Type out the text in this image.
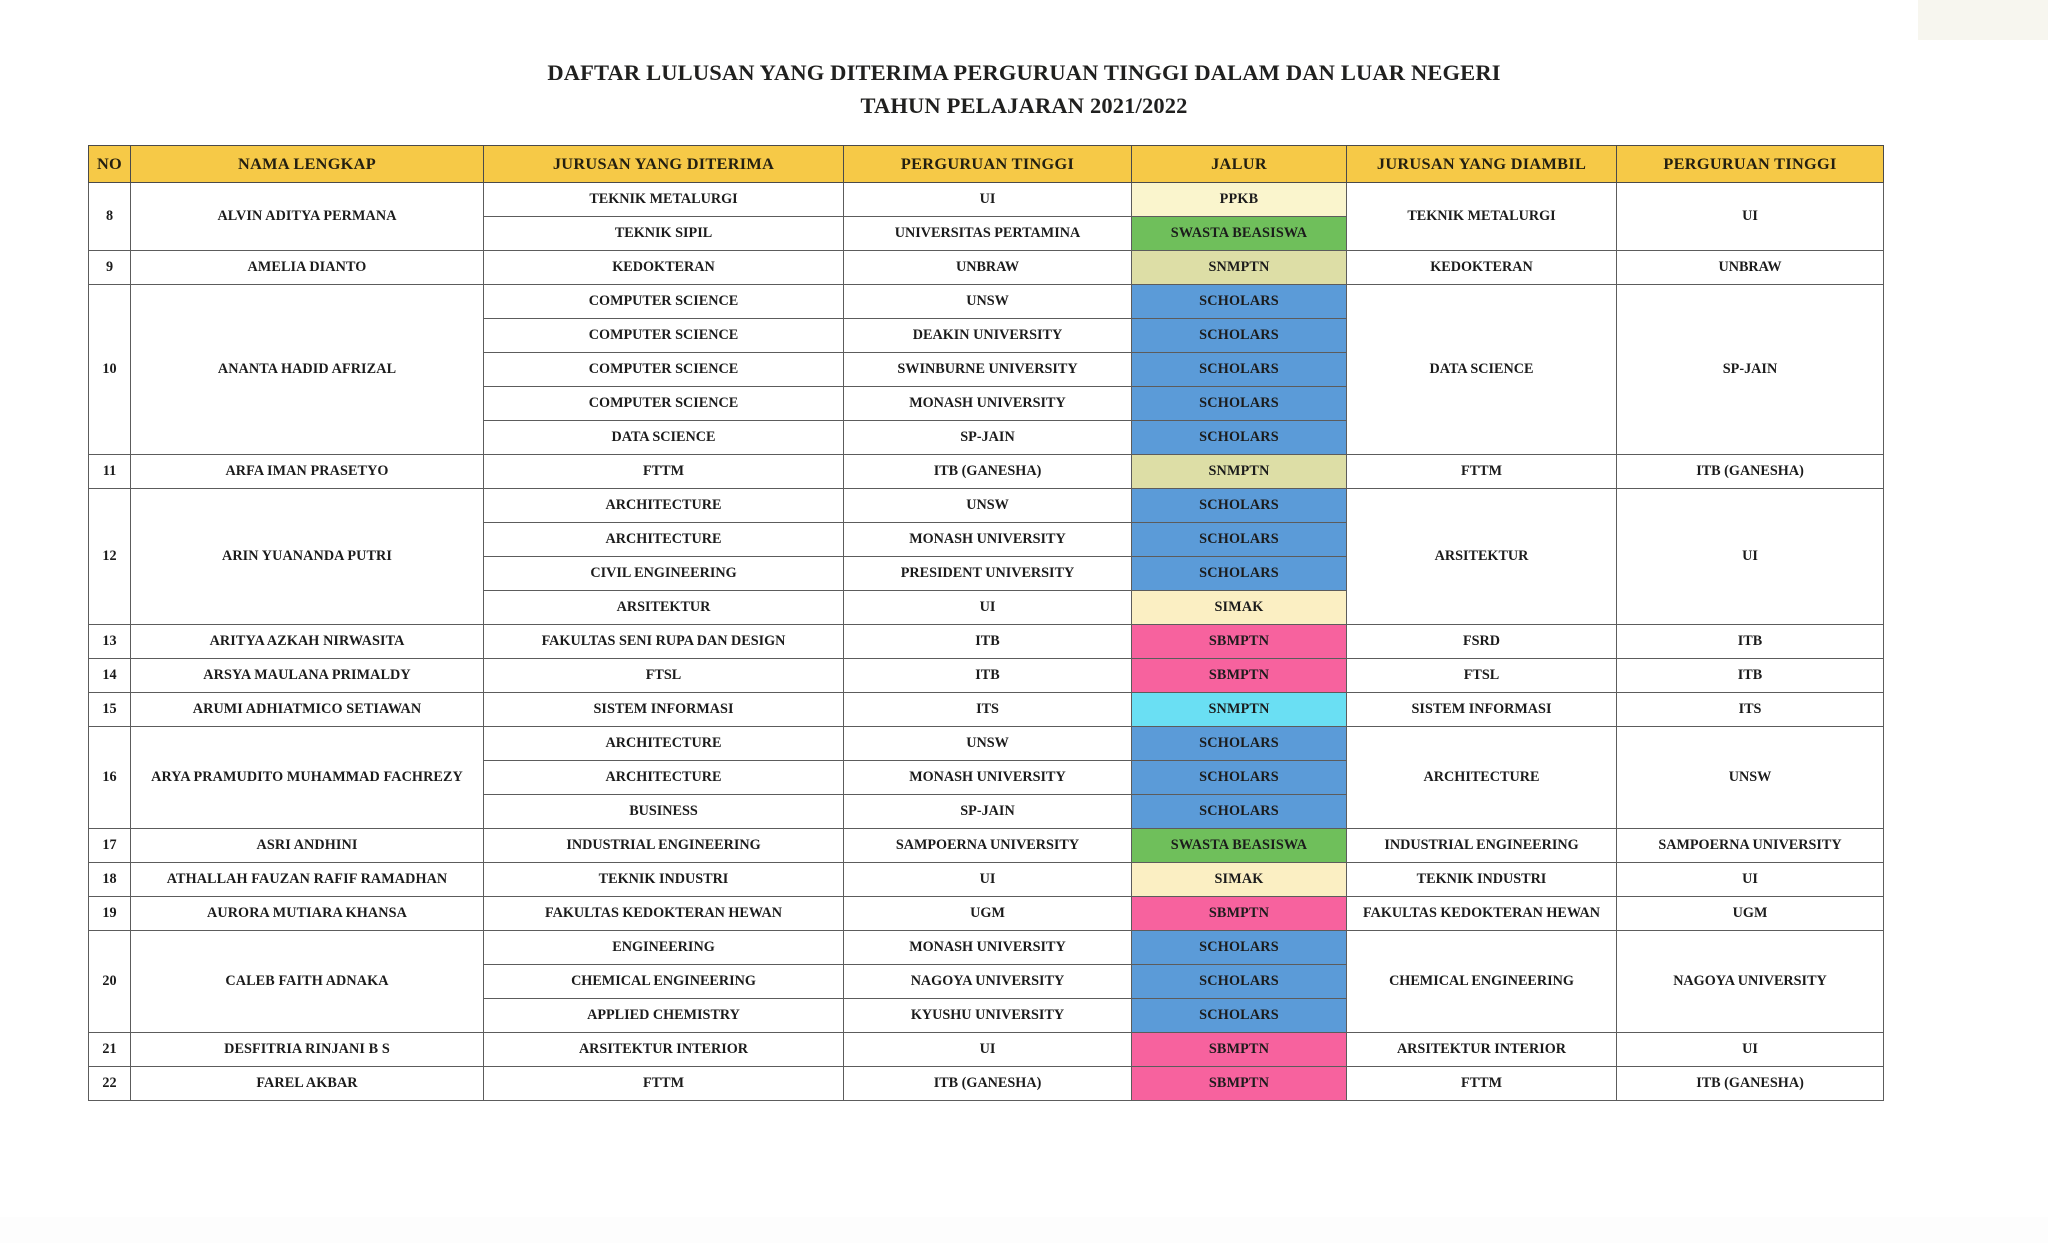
DAFTAR LULUSAN YANG DITERIMA PERGURUAN TINGGI DALAM DAN LUAR NEGERI
TAHUN PELAJARAN 2021/2022
NO	NAMA LENGKAP	JURUSAN YANG DITERIMA	PERGURUAN TINGGI	JALUR	JURUSAN YANG DIAMBIL	PERGURUAN TINGGI
8	ALVIN ADITYA PERMANA	TEKNIK METALURGI	UI	PPKB	TEKNIK METALURGI	UI
		TEKNIK SIPIL	UNIVERSITAS PERTAMINA	SWASTA BEASISWA		
9	AMELIA DIANTO	KEDOKTERAN	UNBRAW	SNMPTN	KEDOKTERAN	UNBRAW
10	ANANTA HADID AFRIZAL	COMPUTER SCIENCE	UNSW	SCHOLARS	DATA SCIENCE	SP-JAIN
		COMPUTER SCIENCE	DEAKIN UNIVERSITY	SCHOLARS		
		COMPUTER SCIENCE	SWINBURNE UNIVERSITY	SCHOLARS		
		COMPUTER SCIENCE	MONASH UNIVERSITY	SCHOLARS		
		DATA SCIENCE	SP-JAIN	SCHOLARS		
11	ARFA IMAN PRASETYO	FTTM	ITB (GANESHA)	SNMPTN	FTTM	ITB (GANESHA)
12	ARIN YUANANDA PUTRI	ARCHITECTURE	UNSW	SCHOLARS	ARSITEKTUR	UI
		ARCHITECTURE	MONASH UNIVERSITY	SCHOLARS		
		CIVIL ENGINEERING	PRESIDENT UNIVERSITY	SCHOLARS		
		ARSITEKTUR	UI	SIMAK		
13	ARITYA AZKAH NIRWASITA	FAKULTAS SENI RUPA DAN DESIGN	ITB	SBMPTN	FSRD	ITB
14	ARSYA MAULANA PRIMALDY	FTSL	ITB	SBMPTN	FTSL	ITB
15	ARUMI ADHIATMICO SETIAWAN	SISTEM INFORMASI	ITS	SNMPTN	SISTEM INFORMASI	ITS
16	ARYA PRAMUDITO MUHAMMAD FACHREZY	ARCHITECTURE	UNSW	SCHOLARS	ARCHITECTURE	UNSW
		ARCHITECTURE	MONASH UNIVERSITY	SCHOLARS		
		BUSINESS	SP-JAIN	SCHOLARS		
17	ASRI ANDHINI	INDUSTRIAL ENGINEERING	SAMPOERNA UNIVERSITY	SWASTA BEASISWA	INDUSTRIAL ENGINEERING	SAMPOERNA UNIVERSITY
18	ATHALLAH FAUZAN RAFIF RAMADHAN	TEKNIK INDUSTRI	UI	SIMAK	TEKNIK INDUSTRI	UI
19	AURORA MUTIARA KHANSA	FAKULTAS KEDOKTERAN HEWAN	UGM	SBMPTN	FAKULTAS KEDOKTERAN HEWAN	UGM
20	CALEB FAITH ADNAKA	ENGINEERING	MONASH UNIVERSITY	SCHOLARS	CHEMICAL ENGINEERING	NAGOYA UNIVERSITY
		CHEMICAL ENGINEERING	NAGOYA UNIVERSITY	SCHOLARS		
		APPLIED CHEMISTRY	KYUSHU UNIVERSITY	SCHOLARS		
21	DESFITRIA RINJANI B S	ARSITEKTUR INTERIOR	UI	SBMPTN	ARSITEKTUR INTERIOR	UI
22	FAREL AKBAR	FTTM	ITB (GANESHA)	SBMPTN	FTTM	ITB (GANESHA)
